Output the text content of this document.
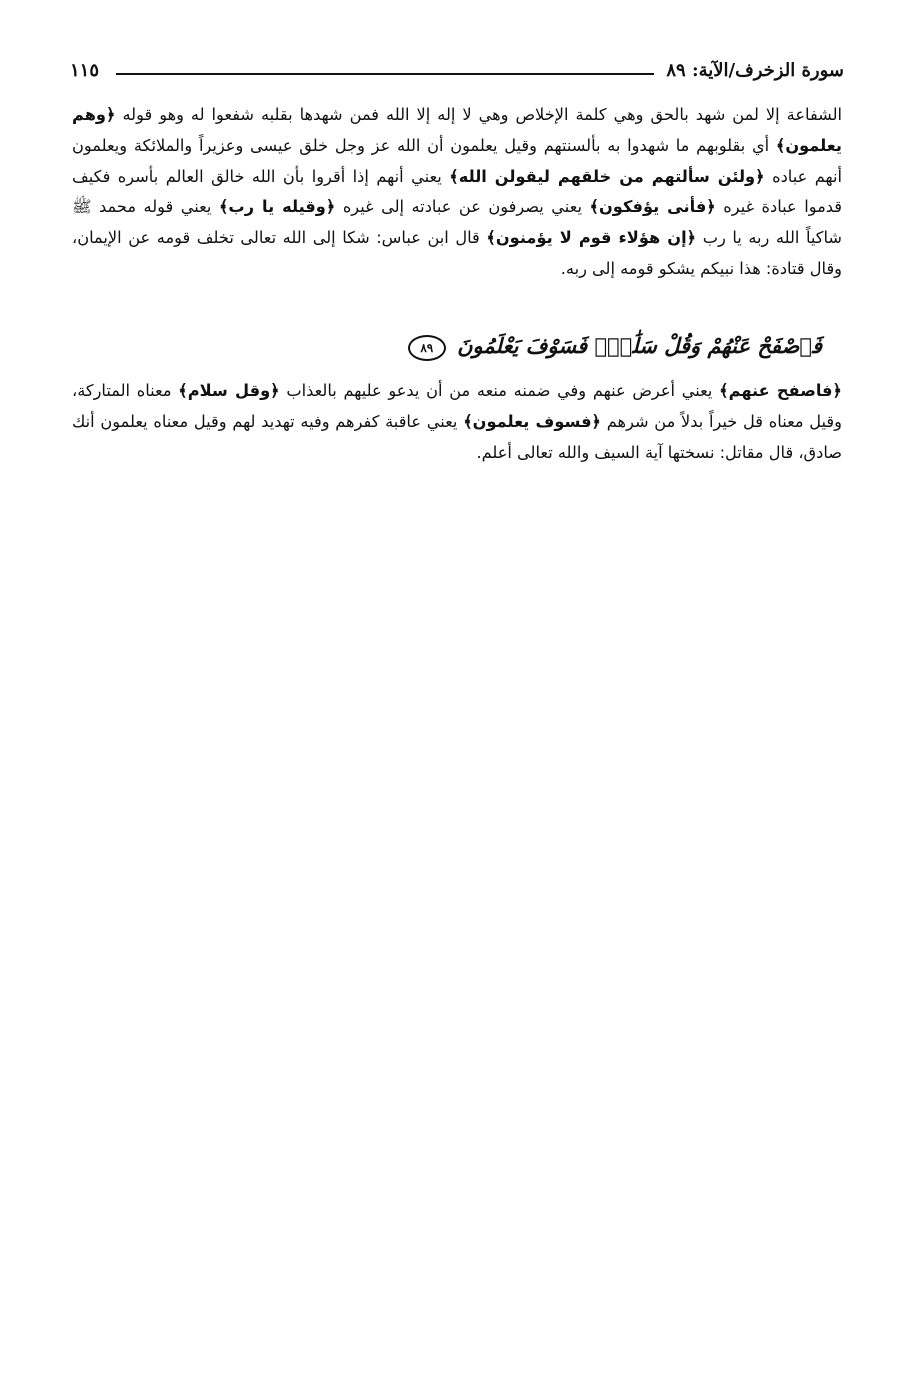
سورة الزخرف/الآية: ٨٩
١١٥

الشفاعة إلا لمن شهد بالحق وهي كلمة الإخلاص وهي لا إله إلا الله فمن شهدها بقلبه شفعوا له وهو قوله ﴿وهم يعلمون﴾ أي بقلوبهم ما شهدوا به بألسنتهم وقيل يعلمون أن الله عز وجل خلق عيسى وعزيراً والملائكة ويعلمون أنهم عباده ﴿ولئن سألتهم من خلقهم ليقولن الله﴾ يعني أنهم إذا أقروا بأن الله خالق العالم بأسره فكيف قدموا عبادة غيره ﴿فأنى يؤفكون﴾ يعني يصرفون عن عبادته إلى غيره ﴿وقيله يا رب﴾ يعني قوله محمد ﷺ شاكياً الله ربه يا رب ﴿إن هؤلاء قوم لا يؤمنون﴾ قال ابن عباس: شكا إلى الله تعالى تخلف قومه عن الإيمان، وقال قتادة: هذا نبيكم يشكو قومه إلى ربه.

فَٱصْفَحْ عَنْهُمْ وَقُلْ سَلَٰمٌۚ فَسَوْفَ يَعْلَمُونَ ٨٩

﴿فاصفح عنهم﴾ يعني أعرض عنهم وفي ضمنه منعه من أن يدعو عليهم بالعذاب ﴿وقل سلام﴾ معناه المتاركة، وقيل معناه قل خيراً بدلاً من شرهم ﴿فسوف يعلمون﴾ يعني عاقبة كفرهم وفيه تهديد لهم وقيل معناه يعلمون أنك صادق، قال مقاتل: نسختها آية السيف والله تعالى أعلم.
